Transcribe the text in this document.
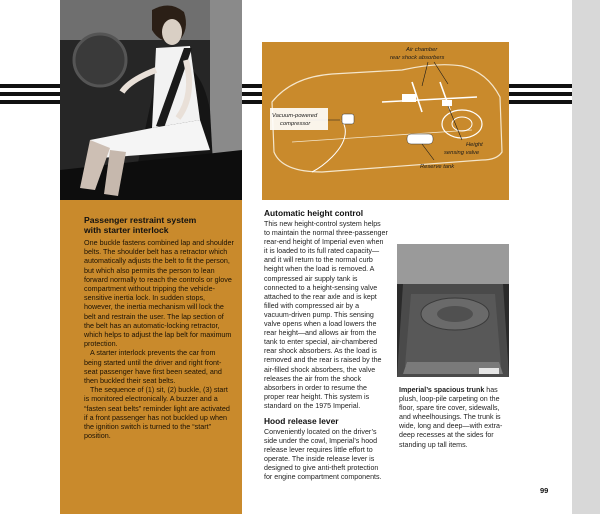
Passenger restraint system
with starter interlock

One buckle fastens combined lap and shoulder belts. The shoulder belt has a retractor which automatically adjusts the belt to fit the person, but which also permits the person to lean forward normally to reach the controls or glove compartment without tripping the vehicle-sensitive inertia lock. In sudden stops, however, the inertia mechanism will lock the belt and restrain the user. The lap section of the belt has an automatic-locking retractor, which helps to adjust the lap belt for maximum protection.

A starter interlock prevents the car from being started until the driver and right front-seat passenger have first been seated, and then buckled their seat belts.

The sequence of (1) sit, (2) buckle, (3) start is monitored electronically. A buzzer and a “fasten seat belts” reminder light are activated if a front passenger has not buckled up when the ignition switch is turned to the “start” position.

Vacuum-powered
compressor
Air chamber
rear shock absorbers
Height
sensing valve
Reserve tank
Automatic height control

This new height-control system helps to maintain the normal three-passenger rear-end height of Imperial even when it is loaded to its full rated capacity—and it will return to the normal curb height when the load is removed. A compressed air supply tank is connected to a height-sensing valve attached to the rear axle and is kept filled with compressed air by a vacuum-driven pump. This sensing valve opens when a load lowers the rear height—and allows air from the tank to enter special, air-chambered rear shock absorbers. As the load is removed and the rear is raised by the air-filled shock absorbers, the valve releases the air from the shock absorbers in order to resume the proper rear height. This system is standard on the 1975 Imperial.

Hood release lever

Conveniently located on the driver’s side under the cowl, Imperial’s hood release lever requires little effort to operate. The inside release lever is designed to give anti-theft protection for engine compartment components.

Imperial’s spacious trunk has plush, loop-pile carpeting on the floor, spare tire cover, sidewalls, and wheelhousings. The trunk is wide, long and deep—with extra-deep recesses at the sides for standing up tall items.
99
